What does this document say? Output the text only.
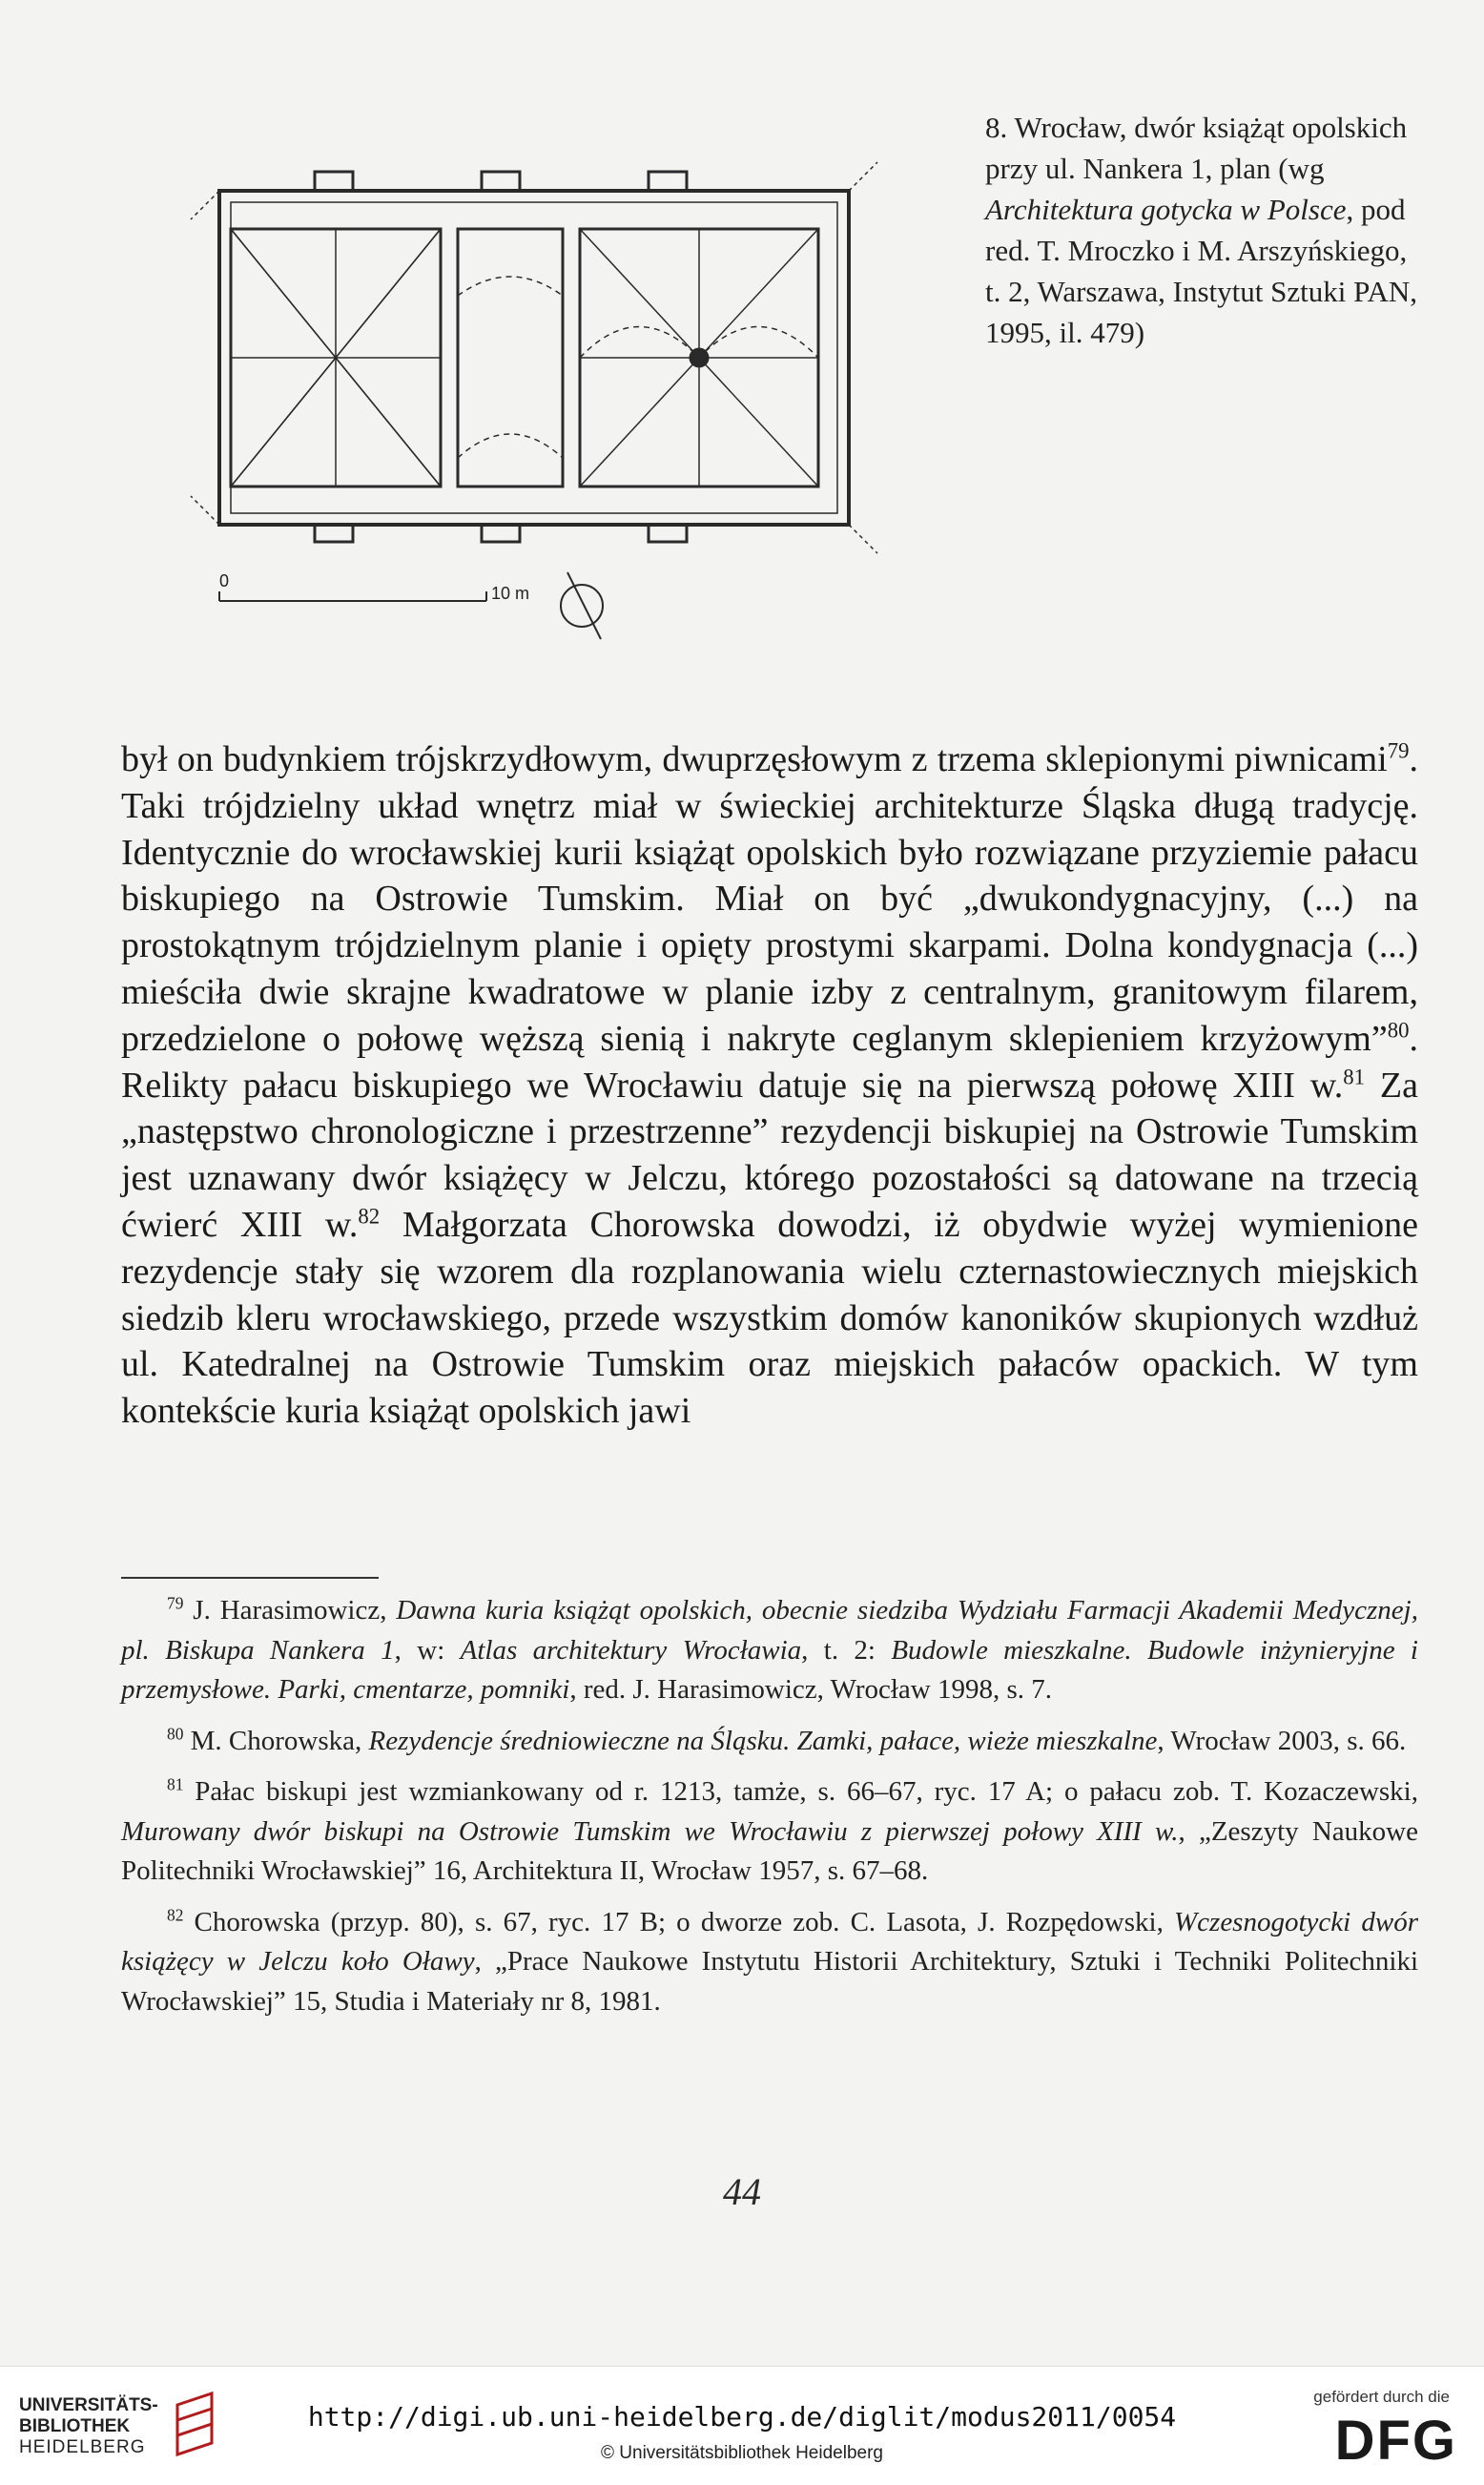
0
10 m
8. Wrocław, dwór książąt opolskich przy ul. Nankera 1, plan (wg Architektura gotycka w Polsce, pod red. T. Mroczko i M. Arszyńskiego, t. 2, Warszawa, Instytut Sztuki PAN, 1995, il. 479)
był on budynkiem trójskrzydłowym, dwuprzęsłowym z trzema sklepionymi piwnicami$^{79}$. Taki trójdzielny układ wnętrz miał w świeckiej architekturze Śląska długą tradycję. Identycznie do wrocławskiej kurii książąt opolskich było rozwiązane przyziemie pałacu biskupiego na Ostrowie Tumskim. Miał on być „dwukondygnacyjny, (...) na prostokątnym trójdzielnym planie i opięty prostymi skarpami. Dolna kondygnacja (...) mieściła dwie skrajne kwadratowe w planie izby z centralnym, granitowym filarem, przedzielone o połowę węższą sienią i nakryte ceglanym sklepieniem krzyżowym”$^{80}$. Relikty pałacu biskupiego we Wrocławiu datuje się na pierwszą połowę XIII w.$^{81}$ Za „następstwo chronologiczne i przestrzenne” rezydencji biskupiej na Ostrowie Tumskim jest uznawany dwór książęcy w Jelczu, którego pozostałości są datowane na trzecią ćwierć XIII w.$^{82}$ Małgorzata Chorowska dowodzi, iż obydwie wyżej wymienione rezydencje stały się wzorem dla rozplanowania wielu czternastowiecznych miejskich siedzib kleru wrocławskiego, przede wszystkim domów kanoników skupionych wzdłuż ul. Katedralnej na Ostrowie Tumskim oraz miejskich pałaców opackich. W tym kontekście kuria książąt opolskich jawi

$^{79}$ J. Harasimowicz, Dawna kuria książąt opolskich, obecnie siedziba Wydziału Farmacji Akademii Medycznej, pl. Biskupa Nankera 1, w: Atlas architektury Wrocławia, t. 2: Budowle mieszkalne. Budowle inżynieryjne i przemysłowe. Parki, cmentarze, pomniki, red. J. Harasimowicz, Wrocław 1998, s. 7.

$^{80}$ M. Chorowska, Rezydencje średniowieczne na Śląsku. Zamki, pałace, wieże mieszkalne, Wrocław 2003, s. 66.

$^{81}$ Pałac biskupi jest wzmiankowany od r. 1213, tamże, s. 66–67, ryc. 17 A; o pałacu zob. T. Kozaczewski, Murowany dwór biskupi na Ostrowie Tumskim we Wrocławiu z pierwszej połowy XIII w., „Zeszyty Naukowe Politechniki Wrocławskiej” 16, Architektura II, Wrocław 1957, s. 67–68.

$^{82}$ Chorowska (przyp. 80), s. 67, ryc. 17 B; o dworze zob. C. Lasota, J. Rozpędowski, Wczesnogotycki dwór książęcy w Jelczu koło Oławy, „Prace Naukowe Instytutu Historii Architektury, Sztuki i Techniki Politechniki Wrocławskiej” 15, Studia i Materiały nr 8, 1981.

44
UNIVERSITÄTS-
BIBLIOTHEK
HEIDELBERG
http://digi.ub.uni-heidelberg.de/diglit/modus2011/0054
© Universitätsbibliothek Heidelberg
gefördert durch die
DFG
